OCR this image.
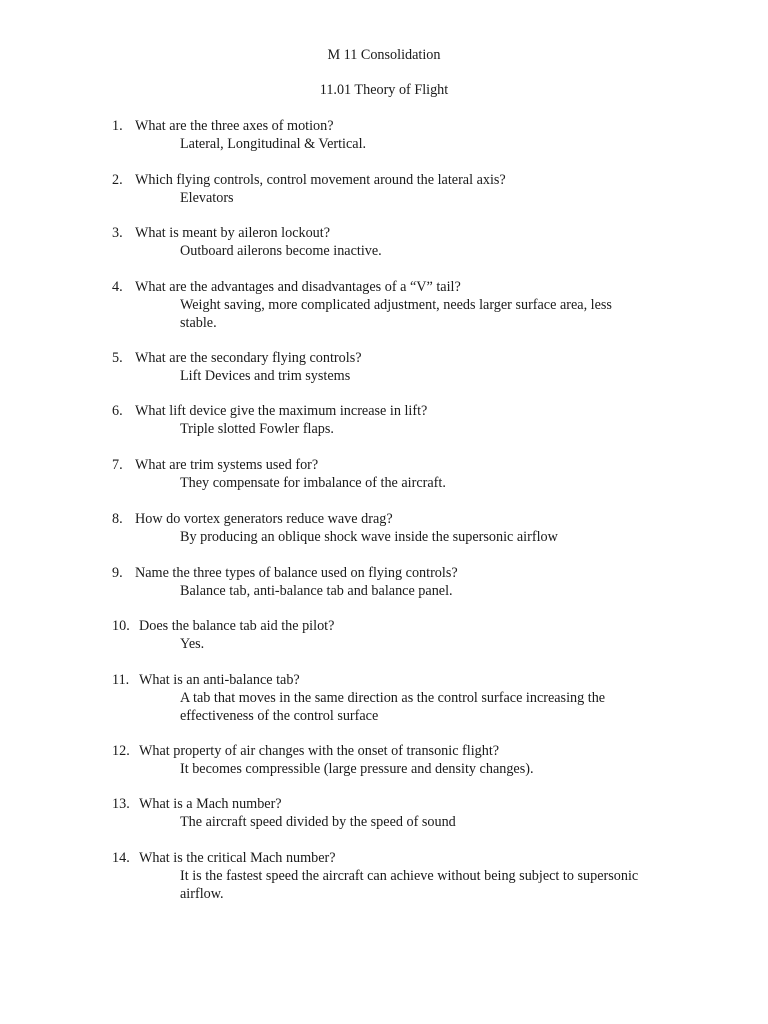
M 11 Consolidation
11.01 Theory of Flight
1. What are the three axes of motion?
Lateral, Longitudinal & Vertical.
2. Which flying controls, control movement around the lateral axis?
Elevators
3. What is meant by aileron lockout?
Outboard ailerons become inactive.
4. What are the advantages and disadvantages of a “V” tail?
Weight saving, more complicated adjustment, needs larger surface area, less stable.
5. What are the secondary flying controls?
Lift Devices and trim systems
6. What lift device give the maximum increase in lift?
Triple slotted Fowler flaps.
7. What are trim systems used for?
They compensate for imbalance of the aircraft.
8. How do vortex generators reduce wave drag?
By producing an oblique shock wave inside the supersonic airflow
9. Name the three types of balance used on flying controls?
Balance tab, anti-balance tab and balance panel.
10. Does the balance tab aid the pilot?
Yes.
11. What is an anti-balance tab?
A tab that moves in the same direction as the control surface increasing the effectiveness of the control surface
12. What property of air changes with the onset of transonic flight?
It becomes compressible (large pressure and density changes).
13. What is a Mach number?
The aircraft speed divided by the speed of sound
14. What is the critical Mach number?
It is the fastest speed the aircraft can achieve without being subject to supersonic airflow.
